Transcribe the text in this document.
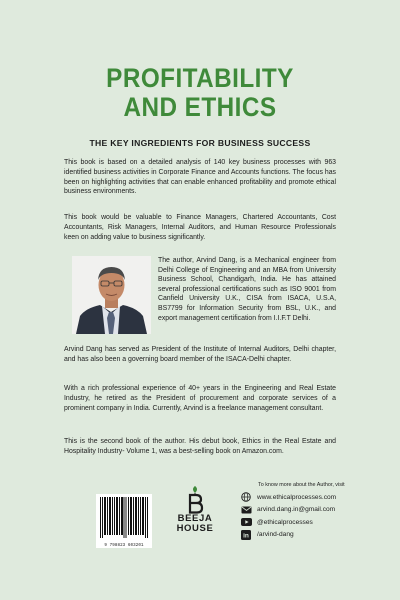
PROFITABILITY
AND ETHICS
THE KEY INGREDIENTS FOR BUSINESS SUCCESS

This book is based on a detailed analysis of 140 key business processes with 963 identified business activities in Corporate Finance and Accounts functions. The focus has been on highlighting activities that can enable enhanced profitability and promote ethical business environments.

This book would be valuable to Finance Managers, Chartered Accountants, Cost Accountants, Risk Managers, Internal Auditors, and Human Resource Professionals keen on adding value to business significantly.

The author, Arvind Dang, is a Mechanical engineer from Delhi College of Engineering and an MBA from University Business School, Chandigarh, India. He has attained several professional certifications such as ISO 9001 from Canfield University U.K., CISA from ISACA, U.S.A, BS7799 for Information Security from BSL, U.K., and export management certification from I.I.F.T Delhi.

Arvind Dang has served as President of the Institute of Internal Auditors, Delhi chapter, and has also been a governing board member of the ISACA-Delhi chapter.

With a rich professional experience of 40+ years in the Engineering and Real Estate Industry, he retired as the President of procurement and corporate services of a prominent company in India. Currently, Arvind is a freelance management consultant.

This is the second book of the author. His debut book, Ethics in the Real Estate and Hospitality Industry- Volume 1, was a best-selling book on Amazon.com.

9 798823 603201
BEEJA
HOUSE
To know more about the Author, visit
www.ethicalprocesses.com
arvind.dang.in@gmail.com
@ethicalprocesses
in /arvind-dang
